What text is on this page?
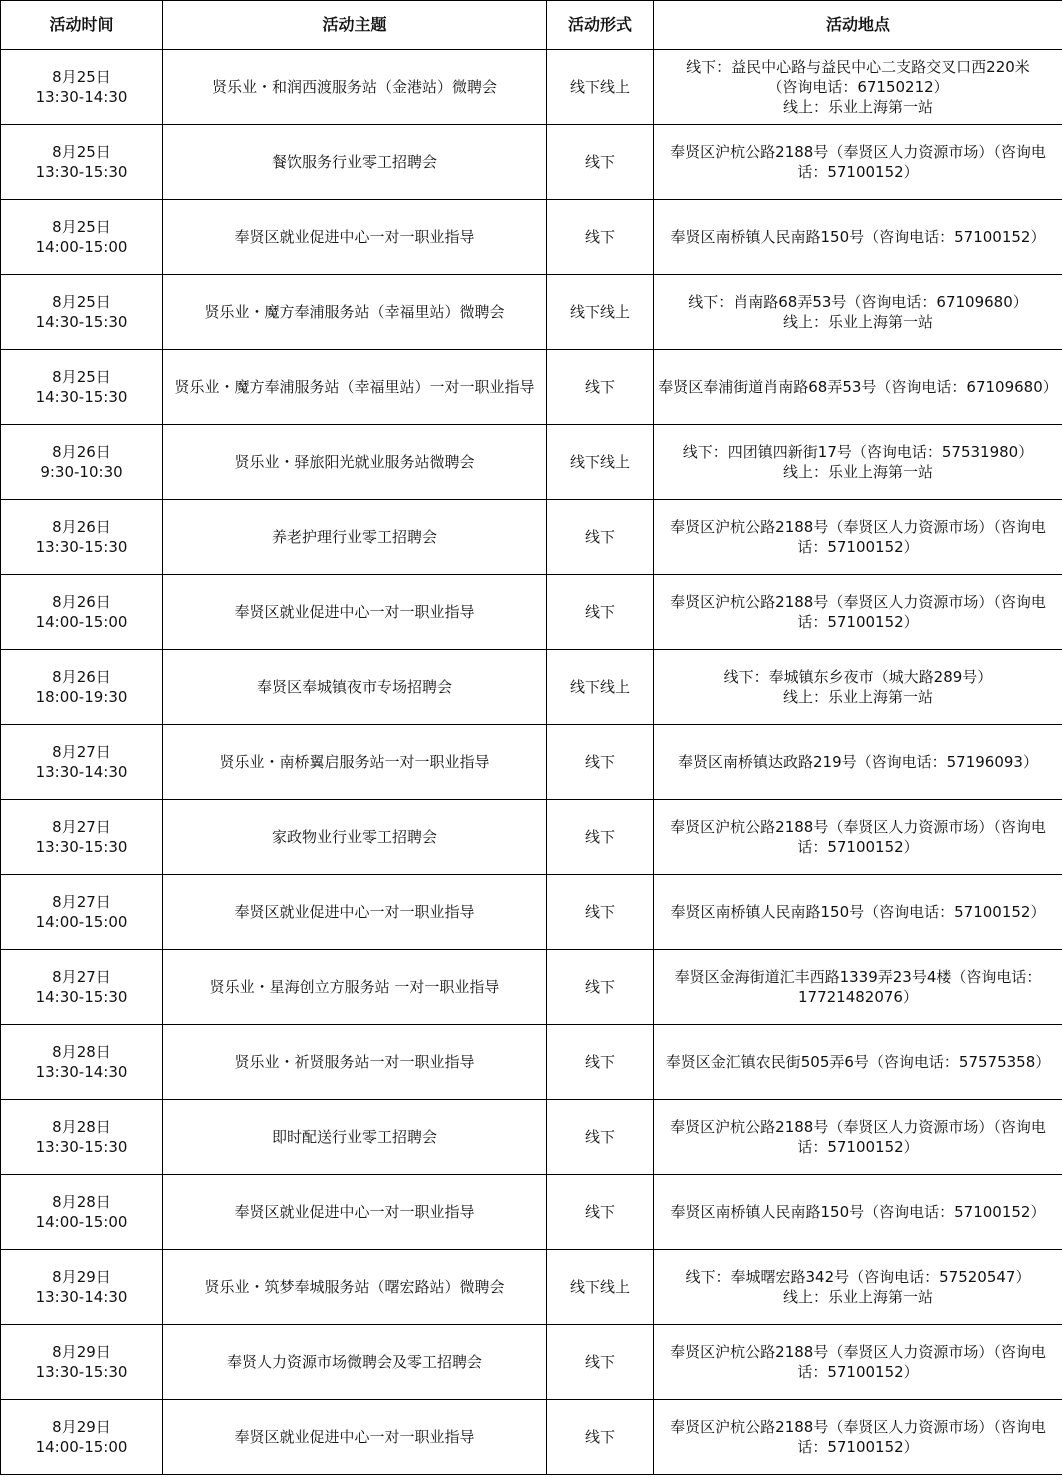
活动时间	活动主题	活动形式	活动地点

8月25日
13:30-14:30	贤乐业・和润西渡服务站（金港站）微聘会	线下线上	线下：益民中心路与益民中心二支路交叉口西220米
（咨询电话：67150212）
线上：乐业上海第一站

8月25日
13:30-15:30	餐饮服务行业零工招聘会	线下	奉贤区沪杭公路2188号（奉贤区人力资源市场）（咨询电话：57100152）

8月25日
14:00-15:00	奉贤区就业促进中心一对一职业指导	线下	奉贤区南桥镇人民南路150号（咨询电话：57100152）

8月25日
14:30-15:30	贤乐业・魔方奉浦服务站（幸福里站）微聘会	线下线上	线下：肖南路68弄53号（咨询电话：67109680）
线上：乐业上海第一站

8月25日
14:30-15:30	贤乐业・魔方奉浦服务站（幸福里站）一对一职业指导	线下	奉贤区奉浦街道肖南路68弄53号（咨询电话：67109680）

8月26日
9:30-10:30	贤乐业・驿旅阳光就业服务站微聘会	线下线上	线下：四团镇四新街17号（咨询电话：57531980）
线上：乐业上海第一站

8月26日
13:30-15:30	养老护理行业零工招聘会	线下	奉贤区沪杭公路2188号（奉贤区人力资源市场）（咨询电话：57100152）

8月26日
14:00-15:00	奉贤区就业促进中心一对一职业指导	线下	奉贤区沪杭公路2188号（奉贤区人力资源市场）（咨询电话：57100152）

8月26日
18:00-19:30	奉贤区奉城镇夜市专场招聘会	线下线上	线下：奉城镇东乡夜市（城大路289号）
线上：乐业上海第一站

8月27日
13:30-14:30	贤乐业・南桥翼启服务站一对一职业指导	线下	奉贤区南桥镇达政路219号（咨询电话：57196093）

8月27日
13:30-15:30	家政物业行业零工招聘会	线下	奉贤区沪杭公路2188号（奉贤区人力资源市场）（咨询电话：57100152）

8月27日
14:00-15:00	奉贤区就业促进中心一对一职业指导	线下	奉贤区南桥镇人民南路150号（咨询电话：57100152）

8月27日
14:30-15:30	贤乐业・星海创立方服务站 一对一职业指导	线下	奉贤区金海街道汇丰西路1339弄23号4楼（咨询电话： 17721482076）

8月28日
13:30-14:30	贤乐业・祈贤服务站一对一职业指导	线下	奉贤区金汇镇农民街505弄6号（咨询电话：57575358）

8月28日
13:30-15:30	即时配送行业零工招聘会	线下	奉贤区沪杭公路2188号（奉贤区人力资源市场）（咨询电话：57100152）

8月28日
14:00-15:00	奉贤区就业促进中心一对一职业指导	线下	奉贤区南桥镇人民南路150号（咨询电话：57100152）

8月29日
13:30-14:30	贤乐业・筑梦奉城服务站（曙宏路站）微聘会	线下线上	线下：奉城曙宏路342号（咨询电话：57520547）
线上：乐业上海第一站

8月29日
13:30-15:30	奉贤人力资源市场微聘会及零工招聘会	线下	奉贤区沪杭公路2188号（奉贤区人力资源市场）（咨询电话：57100152）

8月29日
14:00-15:00	奉贤区就业促进中心一对一职业指导	线下	奉贤区沪杭公路2188号（奉贤区人力资源市场）（咨询电话：57100152）
